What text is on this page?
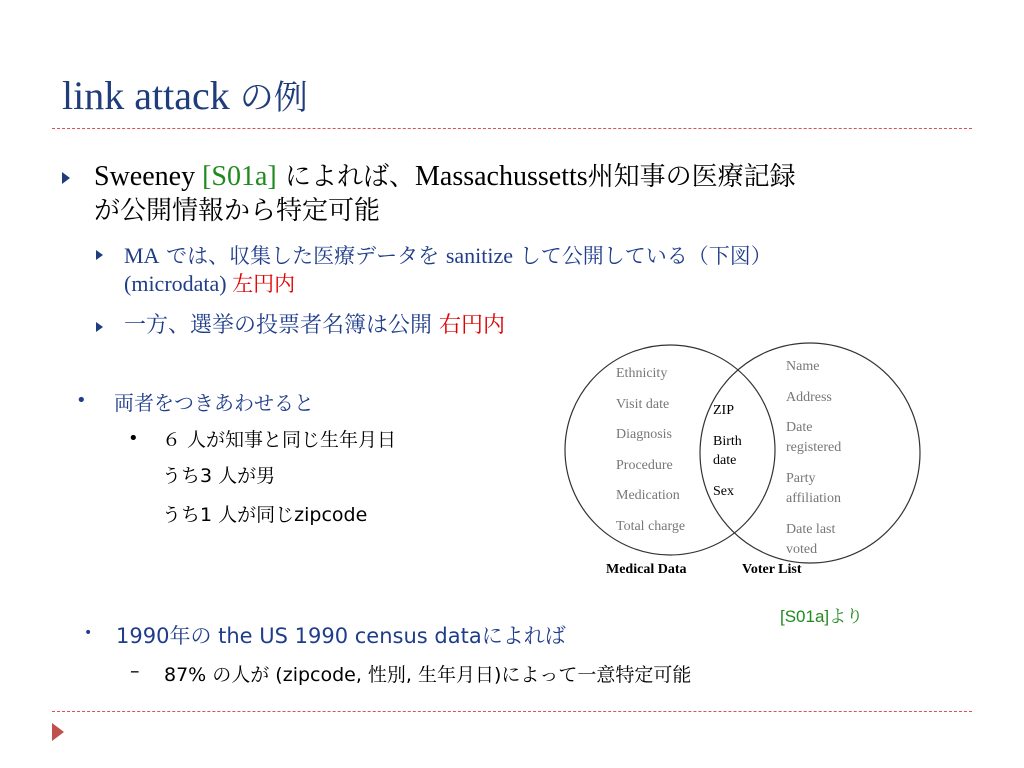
link attack の例
Sweeney [S01a] によれば、Massachussetts州知事の医療記録
が公開情報から特定可能
MA では、収集した医療データを sanitize して公開している（下図）
(microdata) 左円内
一方、選挙の投票者名簿は公開 右円内
• 両者をつきあわせると
• ６ 人が知事と同じ生年月日
うち3 人が男
うち1 人が同じzipcode
Ethnicity
Visit date
Diagnosis
Procedure
Medication
Total charge
ZIP
Birth
date
Sex
Name
Address
Date
registered
Party
affiliation
Date last
voted
Medical Data	Voter List
[S01a]より
• 1990年の the US 1990 census dataによれば
– 87% の人が (zipcode, 性別, 生年月日)によって一意特定可能
